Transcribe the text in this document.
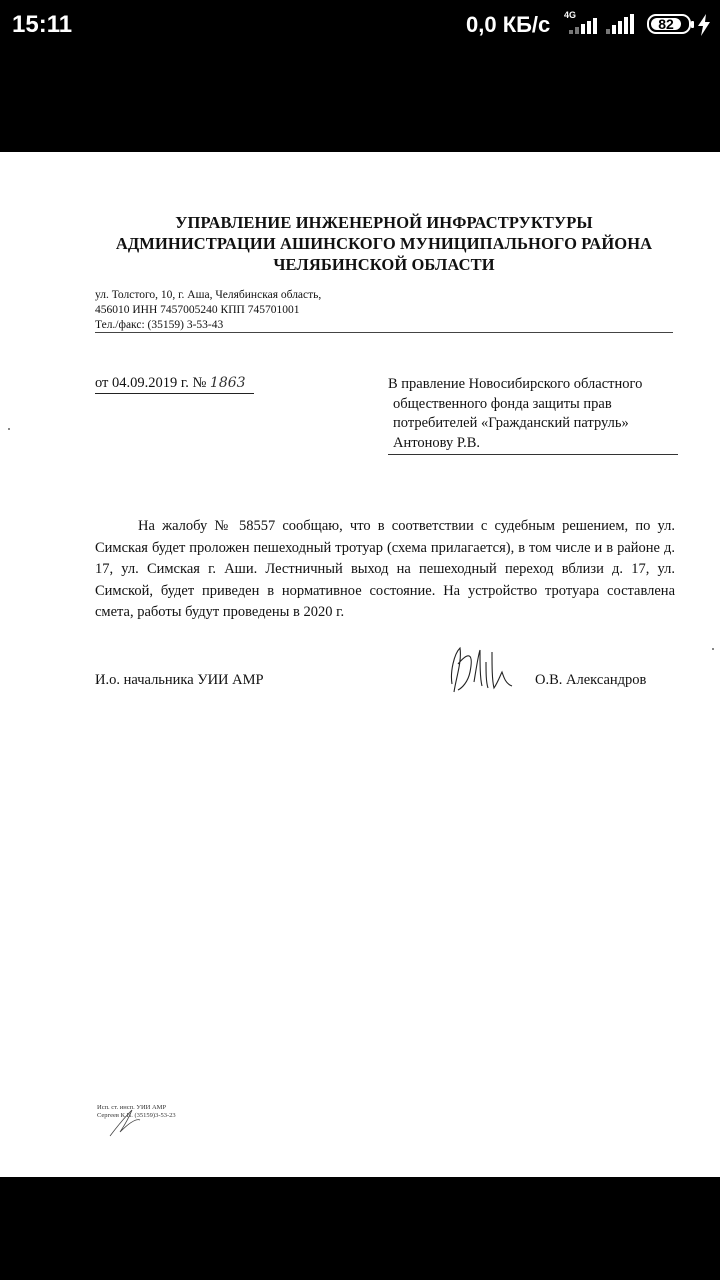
15:11	0,0 КБ/с 4G
82
УПРАВЛЕНИЕ ИНЖЕНЕРНОЙ ИНФРАСТРУКТУРЫ
АДМИНИСТРАЦИИ АШИНСКОГО МУНИЦИПАЛЬНОГО РАЙОНА
ЧЕЛЯБИНСКОЙ ОБЛАСТИ
ул. Толстого, 10, г. Аша, Челябинская область,
456010 ИНН 7457005240 КПП 745701001
Тел./факс: (35159) 3-53-43
от 04.09.2019 г. № 1863	В правление Новосибирского областного
общественного фонда защиты прав
потребителей «Гражданский патруль»
Антонову Р.В.

На жалобу № 58557 сообщаю, что в соответствии с судебным решением, по ул. Симская будет проложен пешеходный тротуар (схема прилагается), в том числе и в районе д. 17, ул. Симская г. Аши. Лестничный выход на пешеходный переход вблизи д. 17, ул. Симской, будет приведен в нормативное состояние. На устройство тротуара составлена смета, работы будут проведены в 2020 г.

И.о. начальника УИИ АМР	О.В. Александров
Исп. ст. инсп. УИИ АМР
Сергеев К.Н. (35159)3-53-23
